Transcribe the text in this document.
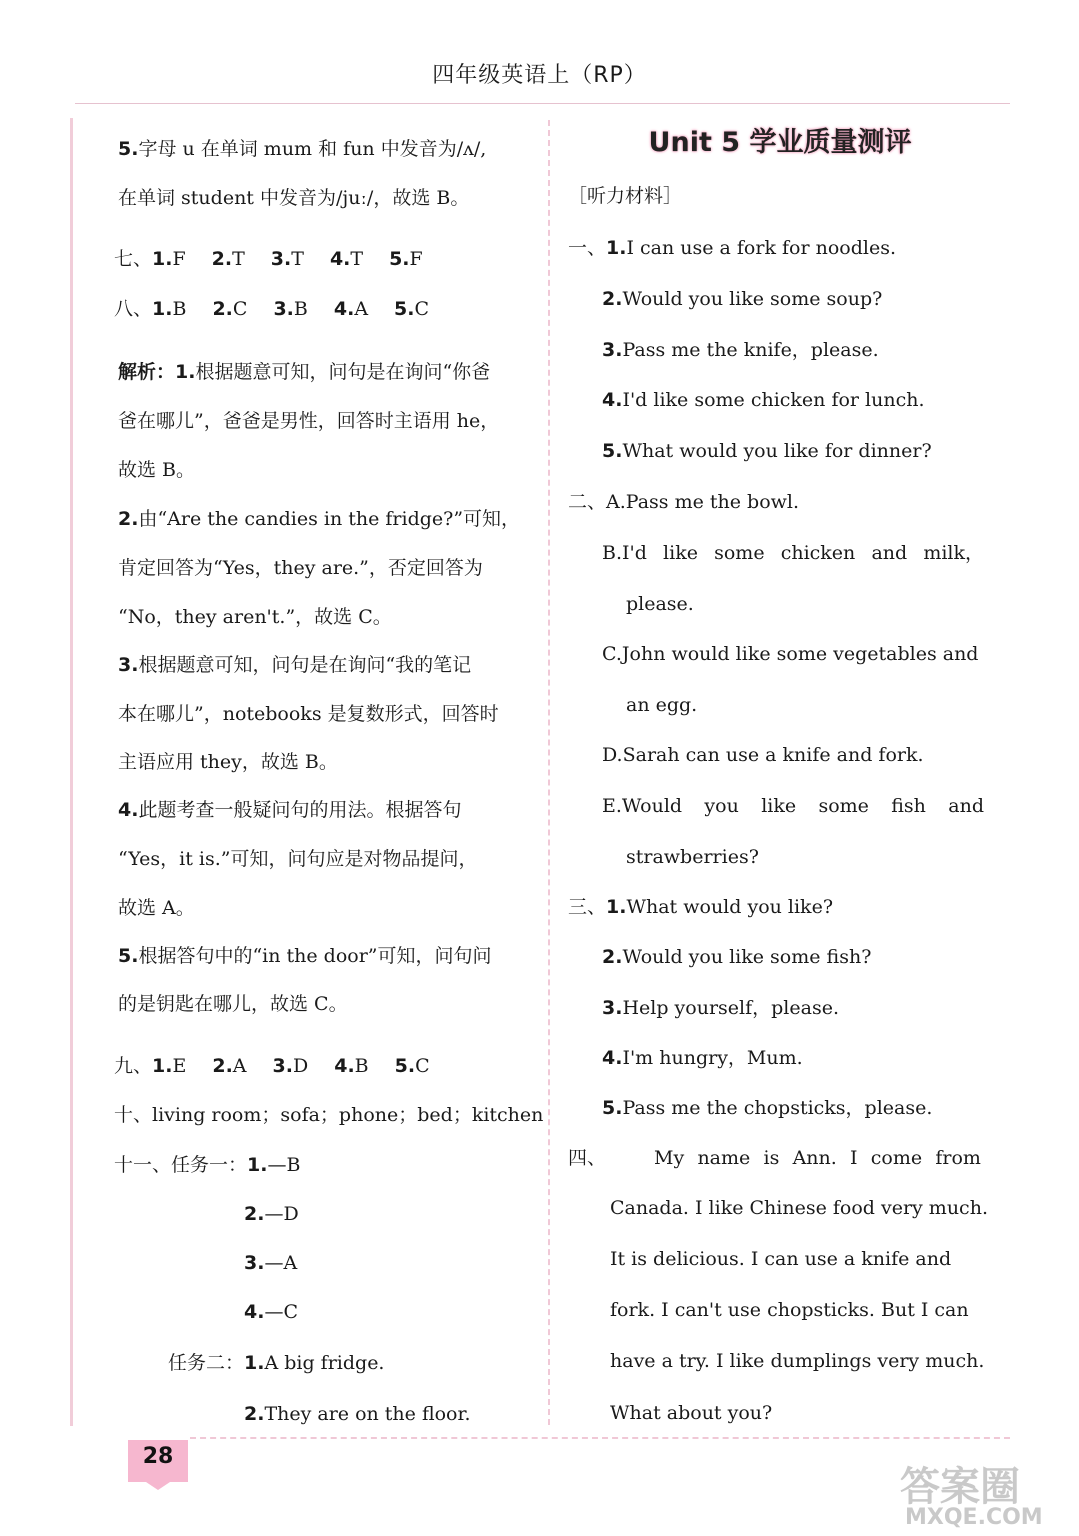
四年级英语上（RP）
5.字母 u 在单词 mum 和 fun 中发音为/ʌ/,
在单词 student 中发音为/juː/，故选 B。
七、1.F 2.T 3.T 4.T 5.F
八、1.B 2.C 3.B 4.A 5.C
解析：1.根据题意可知，问句是在询问“你爸
爸在哪儿”，爸爸是男性，回答时主语用 he，
故选 B。
2.由“Are the candies in the fridge?”可知，
肯定回答为“Yes，they are.”，否定回答为
“No，they aren't.”，故选 C。
3.根据题意可知，问句是在询问“我的笔记
本在哪儿”，notebooks 是复数形式，回答时
主语应用 they，故选 B。
4.此题考查一般疑问句的用法。根据答句
“Yes，it is.”可知，问句应是对物品提问，
故选 A。
5.根据答句中的“in the door”可知，问句问
的是钥匙在哪儿，故选 C。
九、1.E 2.A 3.D 4.B 5.C
十、living room；sofa；phone；bed；kitchen
十一、任务一：1.—B
2.—D
3.—A
4.—C
任务二：1.A big fridge.
2.They are on the floor.
Unit 5 学业质量测评
［听力材料］
一、1.I can use a fork for noodles.
2.Would you like some soup?
3.Pass me the knife，please.
4.I'd like some chicken for lunch.
5.What would you like for dinner?
二、A.Pass me the bowl.
B.I'd like some chicken and milk，
please.
C.John would like some vegetables and
an egg.
D.Sarah can use a knife and fork.
E.Would you like some fish and
strawberries?
三、1.What would you like?
2.Would you like some fish?
3.Help yourself，please.
4.I'm hungry，Mum.
5.Pass me the chopsticks，please.
四、	My name is Ann. I come from
Canada. I like Chinese food very much.
It is delicious. I can use a knife and
fork. I can't use chopsticks. But I can
have a try. I like dumplings very much.
What about you?
28
答案圈
MXQE.COM
